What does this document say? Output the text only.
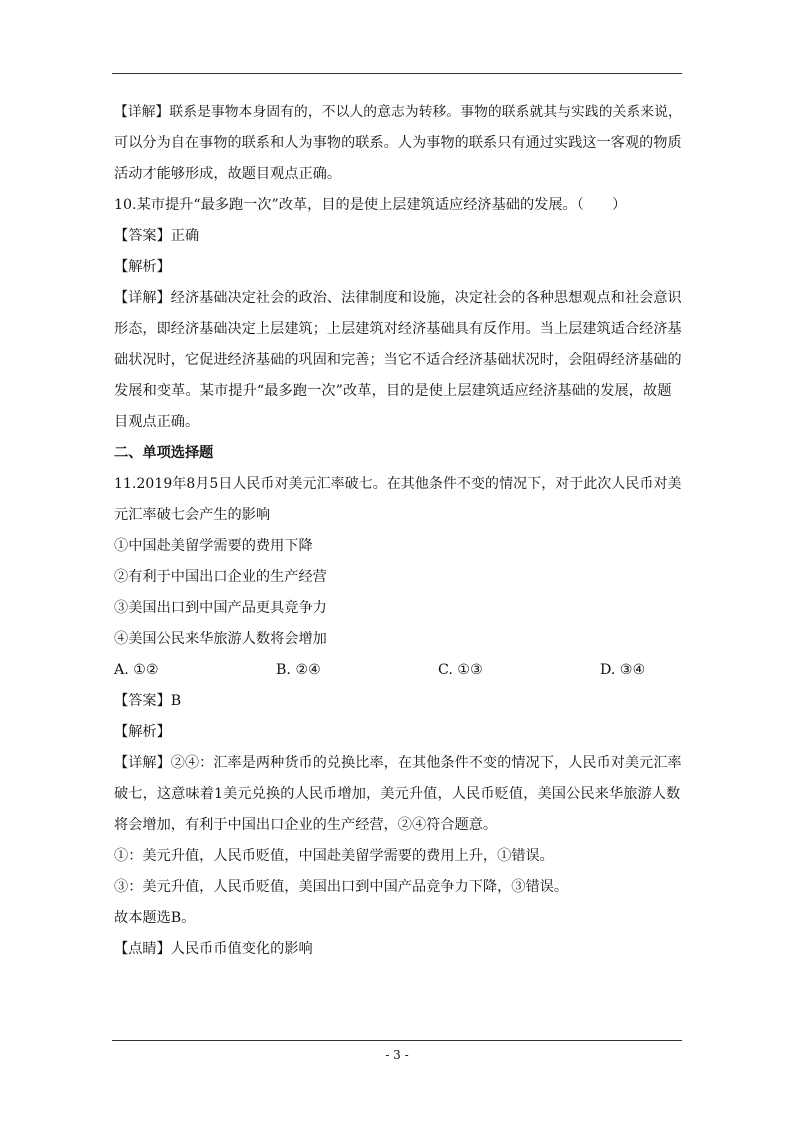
【详解】联系是事物本身固有的，不以人的意志为转移。事物的联系就其与实践的关系来说，
可以分为自在事物的联系和人为事物的联系。人为事物的联系只有通过实践这一客观的物质
活动才能够形成，故题目观点正确。
10.某市提升“最多跑一次”改革，目的是使上层建筑适应经济基础的发展。（　　）
【答案】正确
【解析】
【详解】经济基础决定社会的政治、法律制度和设施，决定社会的各种思想观点和社会意识
形态，即经济基础决定上层建筑；上层建筑对经济基础具有反作用。当上层建筑适合经济基
础状况时，它促进经济基础的巩固和完善；当它不适合经济基础状况时，会阻碍经济基础的
发展和变革。某市提升“最多跑一次”改革，目的是使上层建筑适应经济基础的发展，故题
目观点正确。
二、单项选择题
11.2019年8月5日人民币对美元汇率破七。在其他条件不变的情况下，对于此次人民币对美
元汇率破七会产生的影响
①中国赴美留学需要的费用下降
②有利于中国出口企业的生产经营
③美国出口到中国产品更具竞争力
④美国公民来华旅游人数将会增加
A. ①②	B. ②④	C. ①③	D. ③④
【答案】B
【解析】
【详解】②④：汇率是两种货币的兑换比率，在其他条件不变的情况下，人民币对美元汇率
破七，这意味着1美元兑换的人民币增加，美元升值，人民币贬值，美国公民来华旅游人数
将会增加，有利于中国出口企业的生产经营，②④符合题意。
①：美元升值，人民币贬值，中国赴美留学需要的费用上升，①错误。
③：美元升值，人民币贬值，美国出口到中国产品竞争力下降，③错误。
故本题选B。
【点睛】人民币币值变化的影响
- 3 -
